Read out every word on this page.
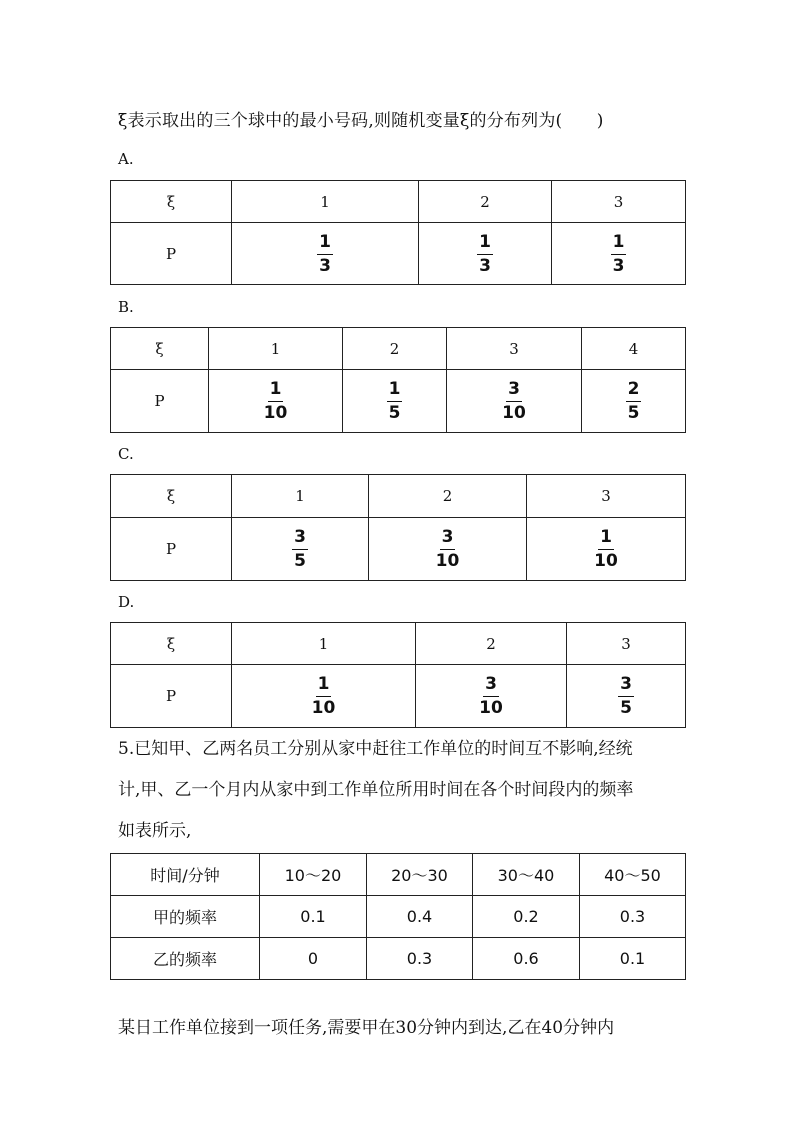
ξ表示取出的三个球中的最小号码,则随机变量ξ的分布列为(　　)
A.
ξ	1	2	3
P	$\frac{1}{3}$	$\frac{1}{3}$	$\frac{1}{3}$
B.
ξ	1	2	3	4
P	$\frac{1}{10}$	$\frac{1}{5}$	$\frac{3}{10}$	$\frac{2}{5}$
C.
ξ	1	2	3
P	$\frac{3}{5}$	$\frac{3}{10}$	$\frac{1}{10}$
D.
ξ	1	2	3
P	$\frac{1}{10}$	$\frac{3}{10}$	$\frac{3}{5}$
5.已知甲、乙两名员工分别从家中赶往工作单位的时间互不影响,经统
计,甲、乙一个月内从家中到工作单位所用时间在各个时间段内的频率
如表所示,
时间/分钟	10～20	20～30	30～40	40～50
甲的频率	0.1	0.4	0.2	0.3
乙的频率	0	0.3	0.6	0.1
某日工作单位接到一项任务,需要甲在30分钟内到达,乙在40分钟内
